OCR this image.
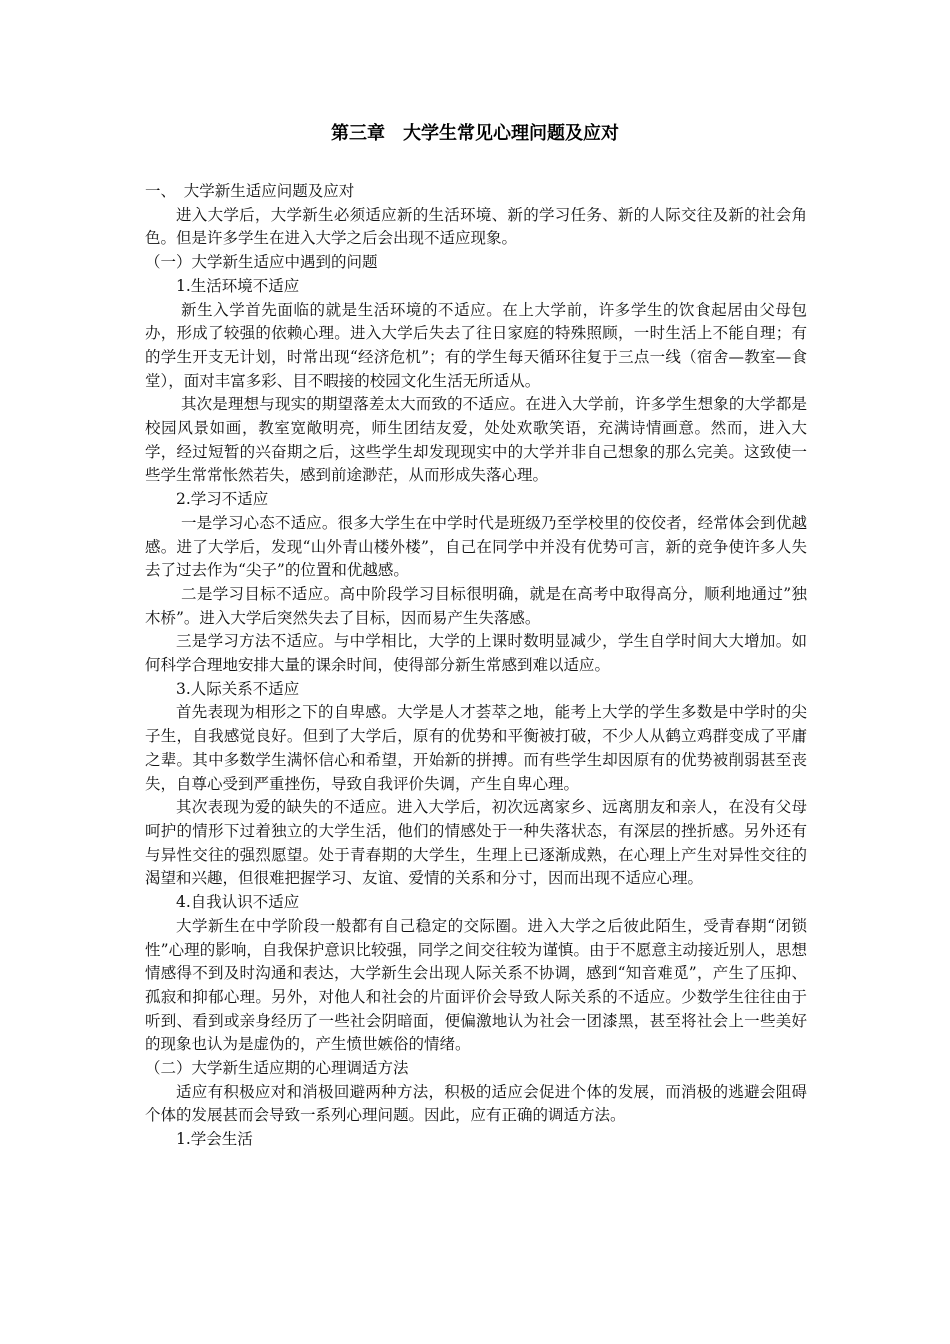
第三章　大学生常见心理问题及应对

一、　大学新生适应问题及应对

进入大学后，大学新生必须适应新的生活环境、新的学习任务、新的人际交往及新的社会角色。但是许多学生在进入大学之后会出现不适应现象。

（一）大学新生适应中遇到的问题

1.生活环境不适应

新生入学首先面临的就是生活环境的不适应。在上大学前，许多学生的饮食起居由父母包办，形成了较强的依赖心理。进入大学后失去了往日家庭的特殊照顾，一时生活上不能自理；有的学生开支无计划，时常出现“经济危机”；有的学生每天循环往复于三点一线（宿舍—教室—食堂），面对丰富多彩、目不暇接的校园文化生活无所适从。

其次是理想与现实的期望落差太大而致的不适应。在进入大学前，许多学生想象的大学都是校园风景如画，教室宽敞明亮，师生团结友爱，处处欢歌笑语，充满诗情画意。然而，进入大学，经过短暂的兴奋期之后，这些学生却发现现实中的大学并非自己想象的那么完美。这致使一些学生常常怅然若失，感到前途渺茫，从而形成失落心理。

2.学习不适应

一是学习心态不适应。很多大学生在中学时代是班级乃至学校里的佼佼者，经常体会到优越感。进了大学后，发现“山外青山楼外楼”，自己在同学中并没有优势可言，新的竞争使许多人失去了过去作为“尖子”的位置和优越感。

二是学习目标不适应。高中阶段学习目标很明确，就是在高考中取得高分，顺利地通过”独木桥”。进入大学后突然失去了目标，因而易产生失落感。

三是学习方法不适应。与中学相比，大学的上课时数明显减少，学生自学时间大大增加。如何科学合理地安排大量的课余时间，使得部分新生常感到难以适应。

3.人际关系不适应

首先表现为相形之下的自卑感。大学是人才荟萃之地，能考上大学的学生多数是中学时的尖子生，自我感觉良好。但到了大学后，原有的优势和平衡被打破，不少人从鹤立鸡群变成了平庸之辈。其中多数学生满怀信心和希望，开始新的拼搏。而有些学生却因原有的优势被削弱甚至丧失，自尊心受到严重挫伤，导致自我评价失调，产生自卑心理。

其次表现为爱的缺失的不适应。进入大学后，初次远离家乡、远离朋友和亲人，在没有父母呵护的情形下过着独立的大学生活，他们的情感处于一种失落状态，有深层的挫折感。另外还有与异性交往的强烈愿望。处于青春期的大学生，生理上已逐渐成熟，在心理上产生对异性交往的渴望和兴趣，但很难把握学习、友谊、爱情的关系和分寸，因而出现不适应心理。

4.自我认识不适应

大学新生在中学阶段一般都有自己稳定的交际圈。进入大学之后彼此陌生，受青春期“闭锁性”心理的影响，自我保护意识比较强，同学之间交往较为谨慎。由于不愿意主动接近别人，思想情感得不到及时沟通和表达，大学新生会出现人际关系不协调，感到“知音难觅”，产生了压抑、孤寂和抑郁心理。另外，对他人和社会的片面评价会导致人际关系的不适应。少数学生往往由于听到、看到或亲身经历了一些社会阴暗面，便偏激地认为社会一团漆黑，甚至将社会上一些美好的现象也认为是虚伪的，产生愤世嫉俗的情绪。

（二）大学新生适应期的心理调适方法

适应有积极应对和消极回避两种方法，积极的适应会促进个体的发展，而消极的逃避会阻碍个体的发展甚而会导致一系列心理问题。因此，应有正确的调适方法。

1.学会生活
